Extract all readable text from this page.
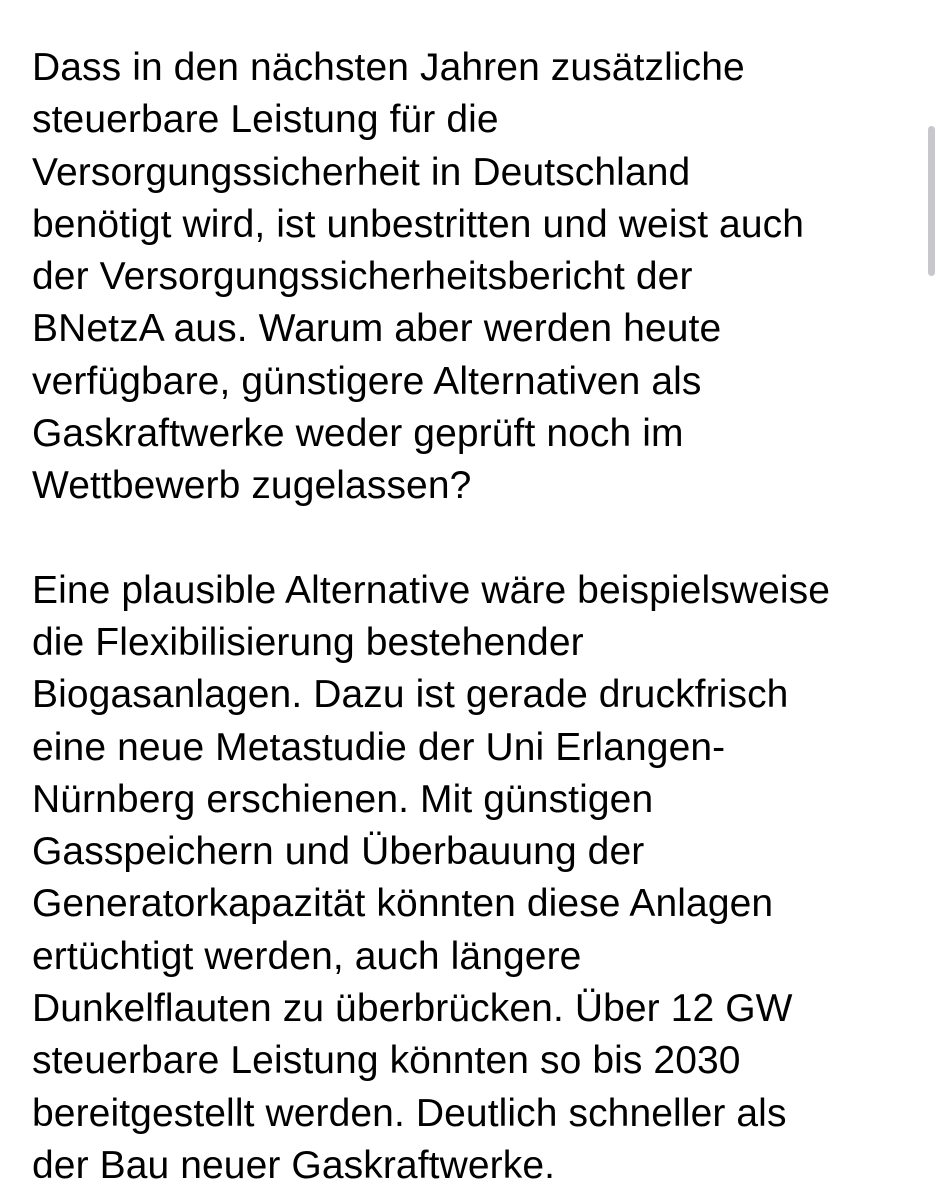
Dass in den nächsten Jahren zusätzliche
steuerbare Leistung für die
Versorgungssicherheit in Deutschland
benötigt wird, ist unbestritten und weist auch
der Versorgungssicherheitsbericht der
BNetzA aus. Warum aber werden heute
verfügbare, günstigere Alternativen als
Gaskraftwerke weder geprüft noch im
Wettbewerb zugelassen?
Eine plausible Alternative wäre beispielsweise
die Flexibilisierung bestehender
Biogasanlagen. Dazu ist gerade druckfrisch
eine neue Metastudie der Uni Erlangen-
Nürnberg erschienen. Mit günstigen
Gasspeichern und Überbauung der
Generatorkapazität könnten diese Anlagen
ertüchtigt werden, auch längere
Dunkelflauten zu überbrücken. Über 12 GW
steuerbare Leistung könnten so bis 2030
bereitgestellt werden. Deutlich schneller als
der Bau neuer Gaskraftwerke.
